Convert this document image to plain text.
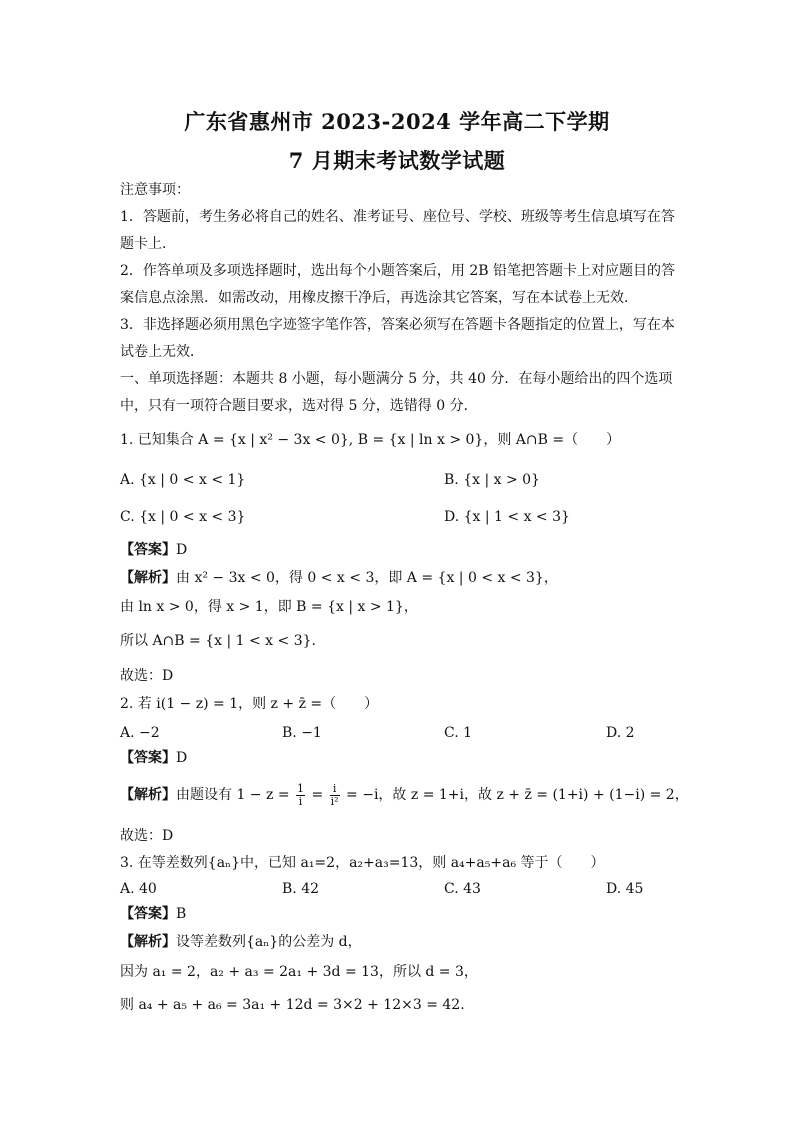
广东省惠州市 2023-2024 学年高二下学期
7 月期末考试数学试题
注意事项：
1．答题前，考生务必将自己的姓名、准考证号、座位号、学校、班级等考生信息填写在答
题卡上．
2．作答单项及多项选择题时，选出每个小题答案后，用 2B 铅笔把答题卡上对应题目的答
案信息点涂黑．如需改动，用橡皮擦干净后，再选涂其它答案，写在本试卷上无效．
3．非选择题必须用黑色字迹签字笔作答，答案必须写在答题卡各题指定的位置上，写在本
试卷上无效．
一、单项选择题：本题共 8 小题，每小题满分 5 分，共 40 分．在每小题给出的四个选项
中，只有一项符合题目要求，选对得 5 分，选错得 0 分．
1. 已知集合 A = {x | x² − 3x < 0}, B = {x | ln x > 0}，则 A∩B =（　　）
A. {x | 0 < x < 1}	B. {x | x > 0}
C. {x | 0 < x < 3}	D. {x | 1 < x < 3}
【答案】D
【解析】由 x² − 3x < 0，得 0 < x < 3，即 A = {x | 0 < x < 3}，
由 ln x > 0，得 x > 1，即 B = {x | x > 1}，
所以 A∩B = {x | 1 < x < 3}.
故选：D
2. 若 i(1 − z) = 1，则 z + z̄ =（　　）
A. −2	B. −1	C. 1	D. 2
【答案】D
【解析】由题设有 $1 - z = \frac{1}{i} = \frac{i}{\text{i²}} = -i$，故 z = 1+i，故 z + z̄ = (1+i) + (1−i) = 2，
故选：D
3. 在等差数列{aₙ}中，已知 a₁=2，a₂+a₃=13，则 a₄+a₅+a₆ 等于（　　）
A. 40	B. 42	C. 43	D. 45
【答案】B
【解析】设等差数列{aₙ}的公差为 d，
因为 a₁ = 2，a₂ + a₃ = 2a₁ + 3d = 13，所以 d = 3，
则 a₄ + a₅ + a₆ = 3a₁ + 12d = 3×2 + 12×3 = 42.
